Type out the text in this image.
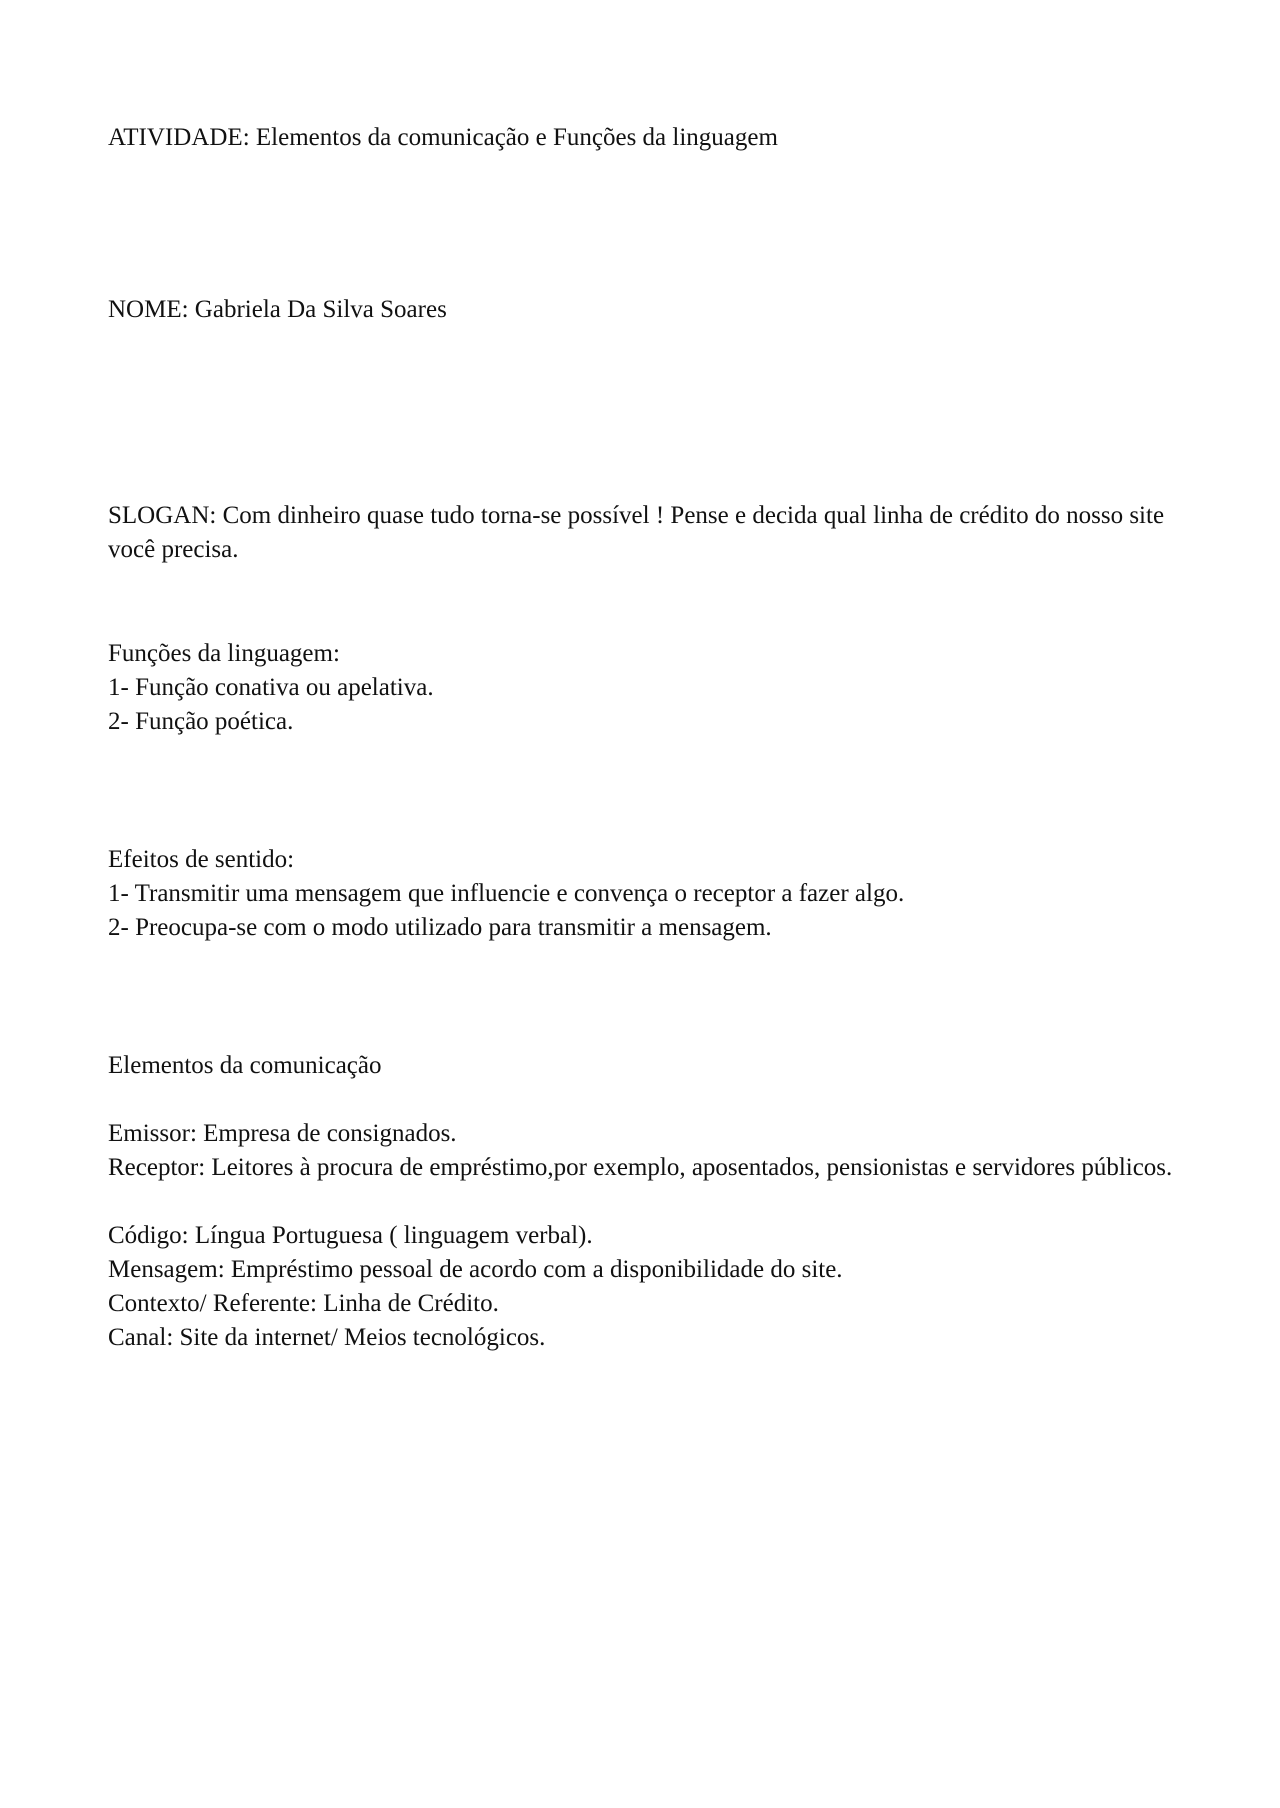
ATIVIDADE: Elementos da comunicação e Funções da linguagem

NOME: Gabriela Da Silva Soares

SLOGAN: Com dinheiro quase tudo torna-se possível ! Pense e decida qual linha de crédito do nosso site você precisa.

Funções da linguagem:

1- Função conativa ou apelativa.

2- Função poética.

Efeitos de sentido:

1- Transmitir uma mensagem que influencie e convença o receptor a fazer algo.

2- Preocupa-se com o modo utilizado para transmitir a mensagem.

Elementos da comunicação

Emissor: Empresa de consignados.

Receptor: Leitores à procura de empréstimo,por exemplo, aposentados, pensionistas e servidores públicos.

Código: Língua Portuguesa ( linguagem verbal).

Mensagem: Empréstimo pessoal de acordo com a disponibilidade do site.

Contexto/ Referente: Linha de Crédito.

Canal: Site da internet/ Meios tecnológicos.
